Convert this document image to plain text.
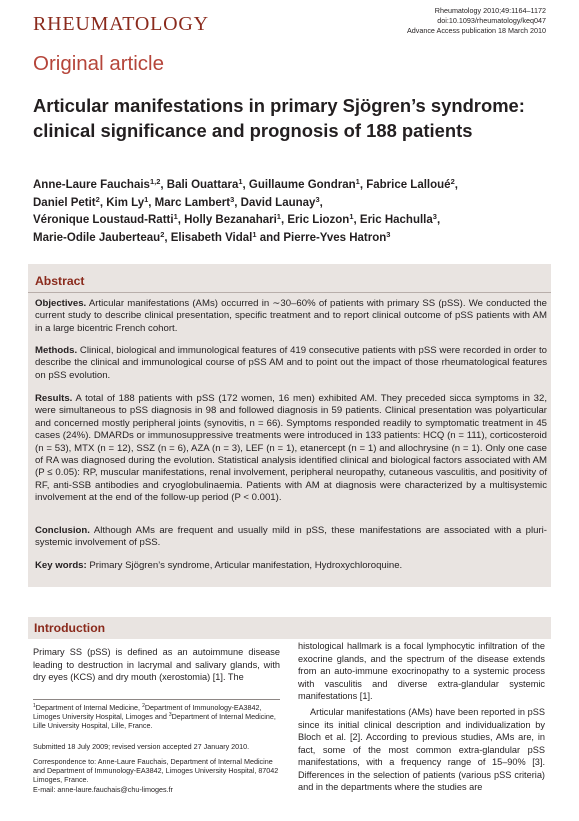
RHEUMATOLOGY
Rheumatology 2010;49:1164–1172
doi:10.1093/rheumatology/keq047
Advance Access publication 18 March 2010
Original article
Articular manifestations in primary Sjögren’s syndrome: clinical significance and prognosis of 188 patients
Anne-Laure Fauchais$^{1,2}$, Bali Ouattara$^1$, Guillaume Gondran$^1$, Fabrice Lalloué$^2$,
Daniel Petit$^2$, Kim Ly$^1$, Marc Lambert$^3$, David Launay$^3$,
Véronique Loustaud-Ratti$^1$, Holly Bezanahari$^1$, Eric Liozon$^1$, Eric Hachulla$^3$,
Marie-Odile Jauberteau$^2$, Elisabeth Vidal$^1$ and Pierre-Yves Hatron$^3$
Abstract

Objectives. Articular manifestations (AMs) occurred in ∼30–60% of patients with primary SS (pSS). We conducted the current study to describe clinical presentation, specific treatment and to report clinical outcome of pSS patients with AM in a large bicentric French cohort.

Methods. Clinical, biological and immunological features of 419 consecutive patients with pSS were recorded in order to describe the clinical and immunological course of pSS AM and to point out the impact of those rheumatological features on pSS evolution.

Results. A total of 188 patients with pSS (172 women, 16 men) exhibited AM. They preceded sicca symptoms in 32, were simultaneous to pSS diagnosis in 98 and followed diagnosis in 59 patients. Clinical presentation was polyarticular and concerned mostly peripheral joints (synovitis, n = 66). Symptoms responded readily to symptomatic treatment in 45 cases (24%). DMARDs or immunosuppressive treatments were introduced in 133 patients: HCQ (n = 111), corticosteroid (n = 53), MTX (n = 12), SSZ (n = 6), AZA (n = 3), LEF (n = 1), etanercept (n = 1) and allochrysine (n = 1). Only one case of RA was diagnosed during the evolution. Statistical analysis identified clinical and biological factors associated with AM (P ≤ 0.05): RP, muscular manifestations, renal involvement, peripheral neuropathy, cutaneous vasculitis, and positivity of RF, anti-SSB antibodies and cryoglobulinaemia. Patients with AM at diagnosis were characterized by a multisystemic involvement at the end of the follow-up period (P < 0.001).

Conclusion. Although AMs are frequent and usually mild in pSS, these manifestations are associated with a pluri-systemic involvement of pSS.

Key words: Primary Sjögren’s syndrome, Articular manifestation, Hydroxychloroquine.

Introduction

Primary SS (pSS) is defined as an autoimmune disease leading to destruction in lacrymal and salivary glands, with dry eyes (KCS) and dry mouth (xerostomia) [1]. The

$^1$Department of Internal Medicine, $^2$Department of Immunology-EA3842, Limoges University Hospital, Limoges and $^3$Department of Internal Medicine, Lille University Hospital, Lille, France.

Submitted 18 July 2009; revised version accepted 27 January 2010.

Correspondence to: Anne-Laure Fauchais, Department of Internal Medicine and Department of Immunology-EA3842, Limoges University Hospital, 87042 Limoges, France.

E-mail: anne-laure.fauchais@chu-limoges.fr

histological hallmark is a focal lymphocytic infiltration of the exocrine glands, and the spectrum of the disease extends from an auto-immune exocrinopathy to a systemic process with vasculitis and diverse extra-glandular systemic manifestations [1].

Articular manifestations (AMs) have been reported in pSS since its initial clinical description and individualization by Bloch et al. [2]. According to previous studies, AMs are, in fact, some of the most common extra-glandular pSS manifestations, with a frequency range of 15–90% [3]. Differences in the selection of patients (various pSS criteria) and in the departments where the studies are
